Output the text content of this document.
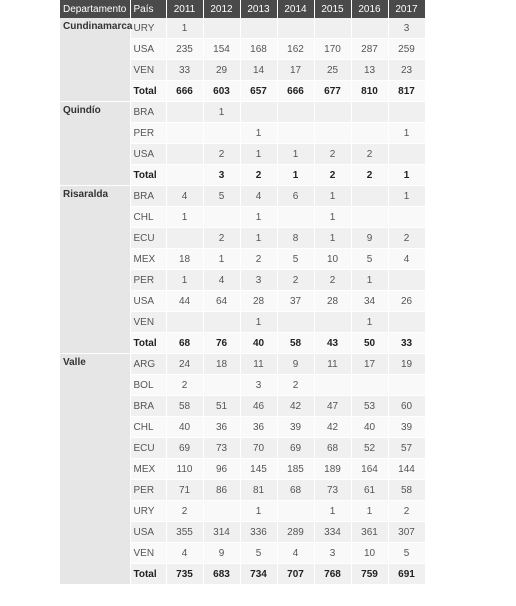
Departamento	País	2011	2012	2013	2014	2015	2016	2017
Cundinamarca	URY	1						3
	USA	235	154	168	162	170	287	259
	VEN	33	29	14	17	25	13	23
	Total	666	603	657	666	677	810	817
Quindío	BRA		1					
	PER			1				1
	USA		2	1	1	2	2	
	Total		3	2	1	2	2	1
Risaralda	BRA	4	5	4	6	1		1
	CHL	1		1		1		
	ECU		2	1	8	1	9	2
	MEX	18	1	2	5	10	5	4
	PER	1	4	3	2	2	1	
	USA	44	64	28	37	28	34	26
	VEN			1			1	
	Total	68	76	40	58	43	50	33
Valle	ARG	24	18	11	9	11	17	19
	BOL	2		3	2			
	BRA	58	51	46	42	47	53	60
	CHL	40	36	36	39	42	40	39
	ECU	69	73	70	69	68	52	57
	MEX	110	96	145	185	189	164	144
	PER	71	86	81	68	73	61	58
	URY	2		1		1	1	2
	USA	355	314	336	289	334	361	307
	VEN	4	9	5	4	3	10	5
	Total	735	683	734	707	768	759	691
